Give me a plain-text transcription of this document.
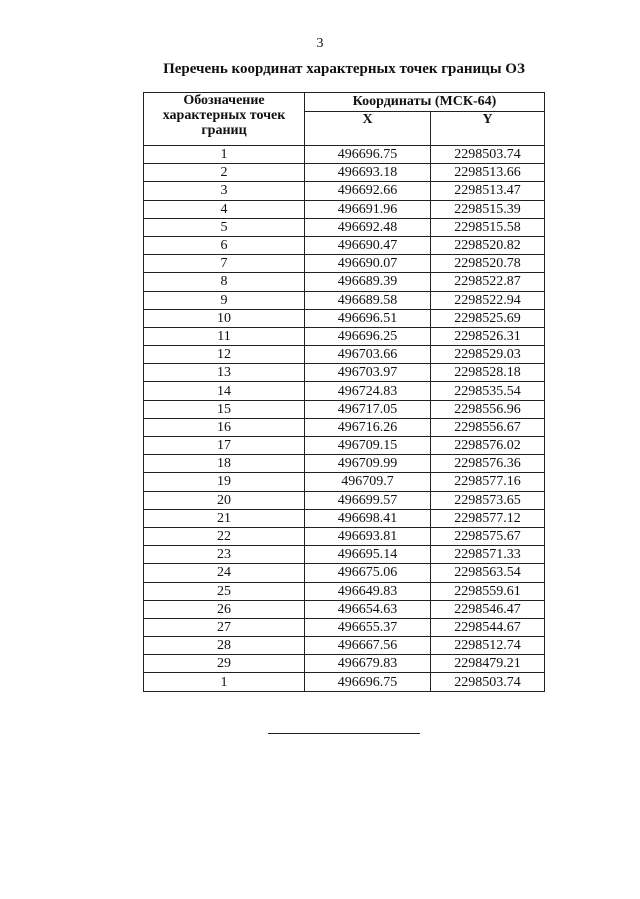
3
Перечень координат характерных точек границы ОЗ
Обозначение характерных точек границ	Координаты (МСК-64)	
	X	Y
1	496696.75	2298503.74
2	496693.18	2298513.66
3	496692.66	2298513.47
4	496691.96	2298515.39
5	496692.48	2298515.58
6	496690.47	2298520.82
7	496690.07	2298520.78
8	496689.39	2298522.87
9	496689.58	2298522.94
10	496696.51	2298525.69
11	496696.25	2298526.31
12	496703.66	2298529.03
13	496703.97	2298528.18
14	496724.83	2298535.54
15	496717.05	2298556.96
16	496716.26	2298556.67
17	496709.15	2298576.02
18	496709.99	2298576.36
19	496709.7	2298577.16
20	496699.57	2298573.65
21	496698.41	2298577.12
22	496693.81	2298575.67
23	496695.14	2298571.33
24	496675.06	2298563.54
25	496649.83	2298559.61
26	496654.63	2298546.47
27	496655.37	2298544.67
28	496667.56	2298512.74
29	496679.83	2298479.21
1	496696.75	2298503.74
